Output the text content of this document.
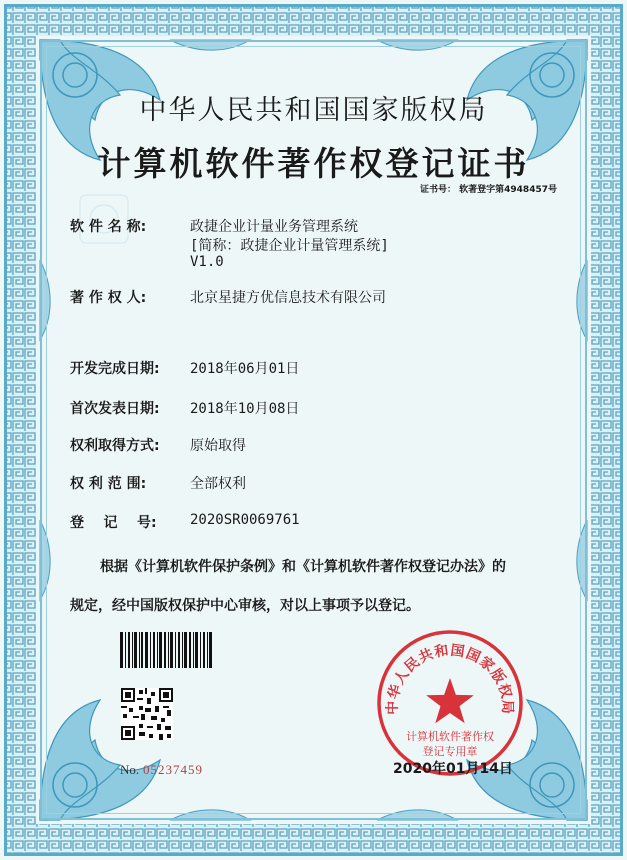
中华人民共和国国家版权局
计算机软件著作权登记证书
证书号： 软著登字第4948457号
软 件 名 称:	政捷企业计量业务管理系统
[简称：政捷企业计量管理系统]
V1.0
著 作 权 人:	北京星捷方优信息技术有限公司
开发完成日期: 2018年06月01日
首次发表日期: 2018年10月08日
权利取得方式: 原始取得
权 利 范 围:	全部权利
登    记    号: 2020SR0069761
根据《计算机软件保护条例》和《计算机软件著作权登记办法》的
规定，经中国版权保护中心审核，对以上事项予以登记。
No. 05237459
中华人民共和国国家版权局
计算机软件著作权
登记专用章
2020年01月14日
